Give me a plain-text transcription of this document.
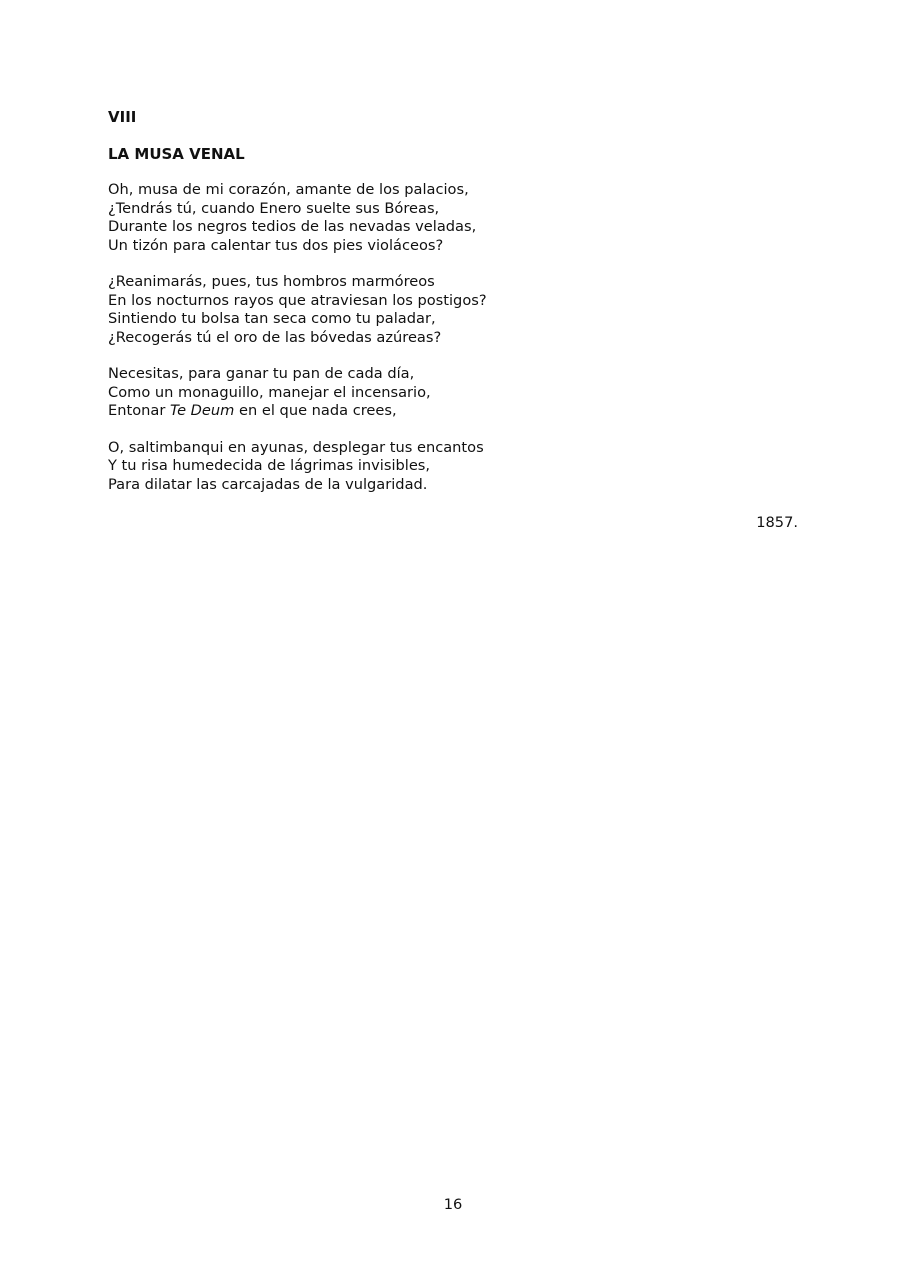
VIII

LA MUSA VENAL

Oh, musa de mi corazón, amante de los palacios,
¿Tendrás tú, cuando Enero suelte sus Bóreas,
Durante los negros tedios de las nevadas veladas,
Un tizón para calentar tus dos pies violáceos?
¿Reanimarás, pues, tus hombros marmóreos
En los nocturnos rayos que atraviesan los postigos?
Sintiendo tu bolsa tan seca como tu paladar,
¿Recogerás tú el oro de las bóvedas azúreas?
Necesitas, para ganar tu pan de cada día,
Como un monaguillo, manejar el incensario,
Entonar Te Deum en el que nada crees,
O, saltimbanqui en ayunas, desplegar tus encantos
Y tu risa humedecida de lágrimas invisibles,
Para dilatar las carcajadas de la vulgaridad.
1857.
16
